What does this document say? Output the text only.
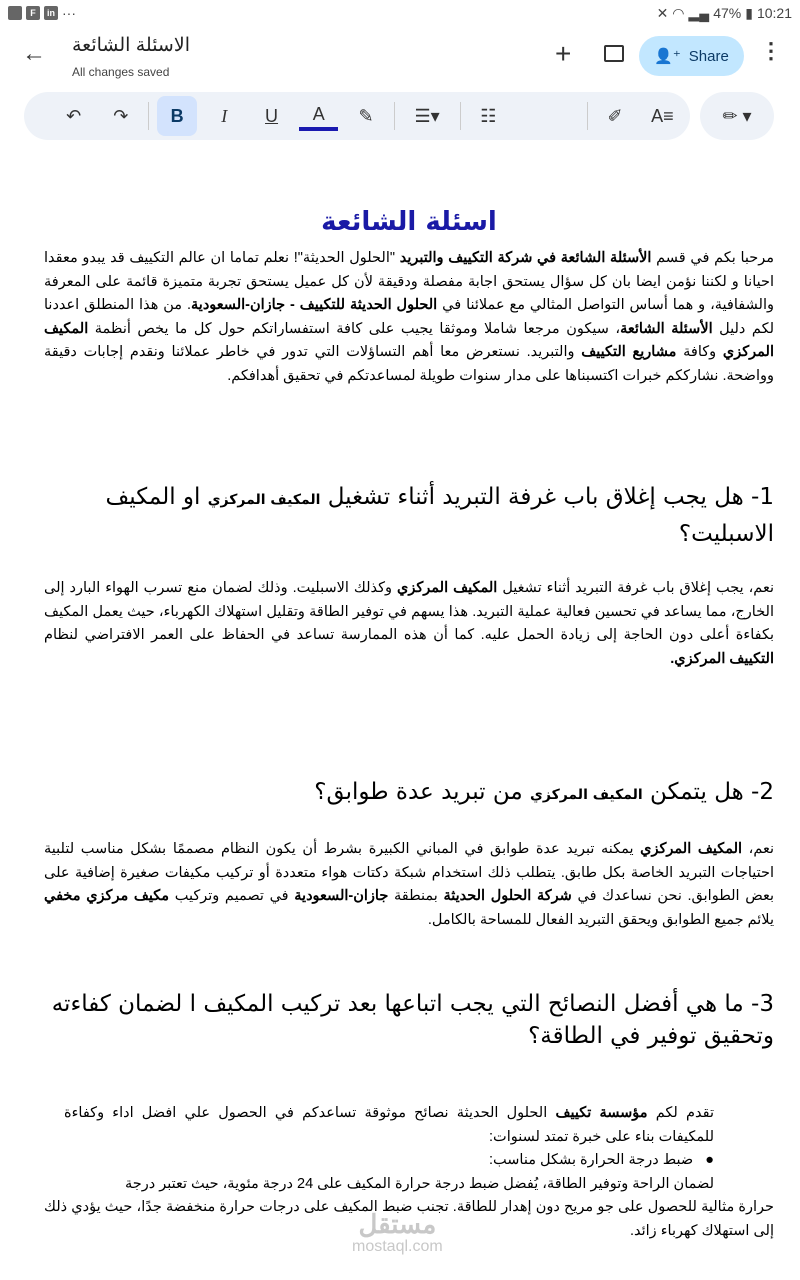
F	in ···	✕ ◠ ▂▄ 47% ▮ 10:21
← الاسئلة الشائعة
All changes saved
+	👤⁺ Share ⋮
↶	↷	B	I	U	A	✎	☰▾	☷	✐	A≡	✏ ▾
اسئلة الشائعة
مرحبا بكم في قسم الأسئلة الشائعة في شركة التكييف والتبريد "الحلول الحديثة"! نعلم تماما ان عالم التكييف قد يبدو معقدا احيانا و لكننا نؤمن ايضا بان كل سؤال يستحق اجابة مفصلة ودقيقة لأن كل عميل يستحق تجربة متميزة قائمة على المعرفة والشفافية، و هما أساس التواصل المثالي مع عملائنا في الحلول الحديثة للتكييف - جازان-السعودية. من هذا المنطلق اعددنا لكم دليل الأسئلة الشائعة، سيكون مرجعا شاملا وموثقا يجيب على كافة استفساراتكم حول كل ما يخص أنظمة المكيف المركزي وكافة مشاريع التكييف والتبريد. نستعرض معا أهم التساؤلات التي تدور في خاطر عملائنا ونقدم إجابات دقيقة وواضحة. نشارككم خبرات اكتسبناها على مدار سنوات طويلة لمساعدتكم في تحقيق أهدافكم.
1- هل يجب إغلاق باب غرفة التبريد أثناء تشغيل المكيف المركزي او المكيف الاسبليت؟
نعم، يجب إغلاق باب غرفة التبريد أثناء تشغيل المكيف المركزي وكذلك الاسبليت. وذلك لضمان منع تسرب الهواء البارد إلى الخارج، مما يساعد في تحسين فعالية عملية التبريد. هذا يسهم في توفير الطاقة وتقليل استهلاك الكهرباء، حيث يعمل المكيف بكفاءة أعلى دون الحاجة إلى زيادة الحمل عليه. كما أن هذه الممارسة تساعد في الحفاظ على العمر الافتراضي لنظام التكييف المركزي.
2- هل يتمكن المكيف المركزي من تبريد عدة طوابق؟
نعم، المكيف المركزي يمكنه تبريد عدة طوابق في المباني الكبيرة بشرط أن يكون النظام مصممًا بشكل مناسب لتلبية احتياجات التبريد الخاصة بكل طابق. يتطلب ذلك استخدام شبكة دكتات هواء متعددة أو تركيب مكيفات صغيرة إضافية على بعض الطوابق. نحن نساعدك في شركة الحلول الحديثة بمنطقة جازان-السعودية في تصميم وتركيب مكيف مركزي مخفي يلائم جميع الطوابق ويحقق التبريد الفعال للمساحة بالكامل.
3- ما هي أفضل النصائح التي يجب اتباعها بعد تركيب المكيف ا لضمان كفاءته وتحقيق توفير في الطاقة؟
تقدم لكم مؤسسة تكييف الحلول الحديثة نصائح موثوقة تساعدكم في الحصول علي افضل اداء وكفاءة للمكيفات بناء على خبرة تمتد لسنوات:
●   ضبط درجة الحرارة بشكل مناسب:
لضمان الراحة وتوفير الطاقة، يُفضل ضبط درجة حرارة المكيف على 24 درجة مئوية، حيث تعتبر درجة
حرارة مثالية للحصول على جو مريح دون إهدار للطاقة. تجنب ضبط المكيف على درجات حرارة منخفضة جدًا، حيث يؤدي ذلك إلى استهلاك كهرباء زائد.
مستقل
mostaql.com
